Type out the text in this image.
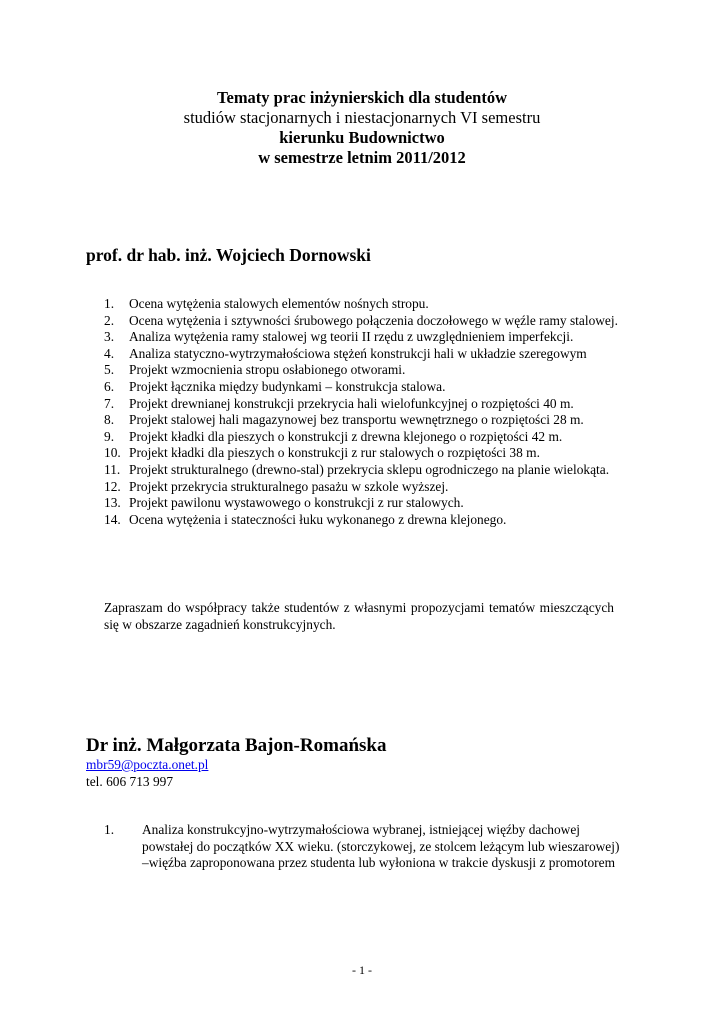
Tematy prac inżynierskich dla studentów
studiów stacjonarnych i niestacjonarnych VI semestru
kierunku Budownictwo
w semestrze letnim 2011/2012
prof. dr hab. inż. Wojciech Dornowski
1.	Ocena wytężenia stalowych elementów nośnych stropu.
2.	Ocena wytężenia i sztywności śrubowego połączenia doczołowego w węźle ramy stalowej.
3.	Analiza wytężenia ramy stalowej wg teorii II rzędu z uwzględnieniem imperfekcji.
4.	Analiza statyczno-wytrzymałościowa stężeń konstrukcji hali w układzie szeregowym
5.	Projekt wzmocnienia stropu osłabionego otworami.
6.	Projekt łącznika między budynkami – konstrukcja stalowa.
7.	Projekt drewnianej konstrukcji przekrycia hali wielofunkcyjnej o rozpiętości 40 m.
8.	Projekt stalowej hali magazynowej bez transportu wewnętrznego o rozpiętości 28 m.
9.	Projekt kładki dla pieszych o konstrukcji z drewna klejonego o rozpiętości 42 m.
10. Projekt kładki dla pieszych o konstrukcji z rur stalowych o rozpiętości 38 m.
11. Projekt strukturalnego (drewno-stal) przekrycia sklepu ogrodniczego na planie wielokąta.
12. Projekt przekrycia strukturalnego pasażu w szkole wyższej.
13. Projekt pawilonu wystawowego o konstrukcji z rur stalowych.
14. Ocena wytężenia i stateczności łuku wykonanego z drewna klejonego.
Zapraszam do współpracy także studentów z własnymi propozycjami tematów mieszczących się w obszarze zagadnień konstrukcyjnych.
Dr inż. Małgorzata Bajon-Romańska
mbr59@poczta.onet.pl
tel. 606 713 997
1.	Analiza konstrukcyjno-wytrzymałościowa wybranej, istniejącej więźby dachowej powstałej do początków XX wieku. (storczykowej, ze stolcem leżącym lub wieszarowej) –więźba zaproponowana przez studenta lub wyłoniona w trakcie dyskusji z promotorem
- 1 -
